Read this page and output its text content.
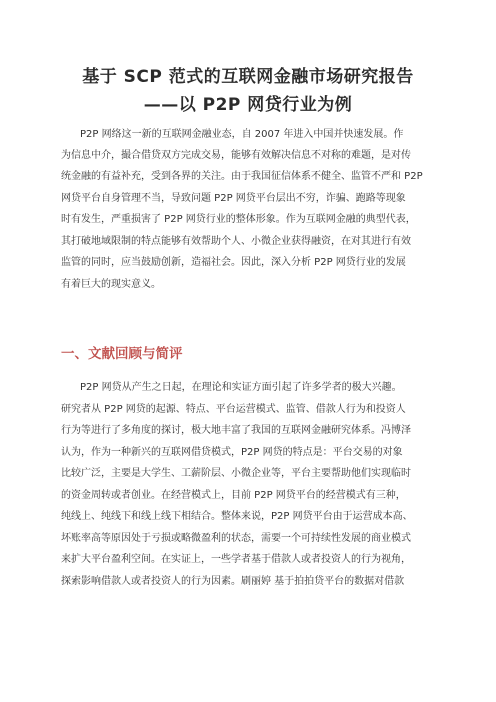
基于 SCP 范式的互联网金融市场研究报告
——以 P2P 网贷行业为例
P2P 网络这一新的互联网金融业态，自 2007 年进入中国并快速发展。作
为信息中介，撮合借贷双方完成交易，能够有效解决信息不对称的难题，是对传
统金融的有益补充，受到各界的关注。由于我国征信体系不健全、监管不严和 P2P
网贷平台自身管理不当，导致问题 P2P 网贷平台层出不穷，诈骗、跑路等现象
时有发生，严重损害了 P2P 网贷行业的整体形象。作为互联网金融的典型代表，
其打破地域限制的特点能够有效帮助个人、小微企业获得融资，在对其进行有效
监管的同时，应当鼓励创新，造福社会。因此，深入分析 P2P 网贷行业的发展
有着巨大的现实意义。
一、文献回顾与简评
P2P 网贷从产生之日起，在理论和实证方面引起了许多学者的极大兴趣。
研究者从 P2P 网贷的起源、特点、平台运营模式、监管、借款人行为和投资人
行为等进行了多角度的探讨，极大地丰富了我国的互联网金融研究体系。冯博泽
认为，作为一种新兴的互联网借贷模式，P2P 网贷的特点是：平台交易的对象
比较广泛，主要是大学生、工薪阶层、小微企业等，平台主要帮助他们实现临时
的资金周转或者创业。在经营模式上，目前 P2P 网贷平台的经营模式有三种，
纯线上、纯线下和线上线下相结合。整体来说，P2P 网贷平台由于运营成本高、
坏账率高等原因处于亏损或略微盈利的状态，需要一个可持续性发展的商业模式
来扩大平台盈利空间。在实证上，一些学者基于借款人或者投资人的行为视角，
探索影响借款人或者投资人的行为因素。刷丽婷 基于拍拍贷平台的数据对借款
